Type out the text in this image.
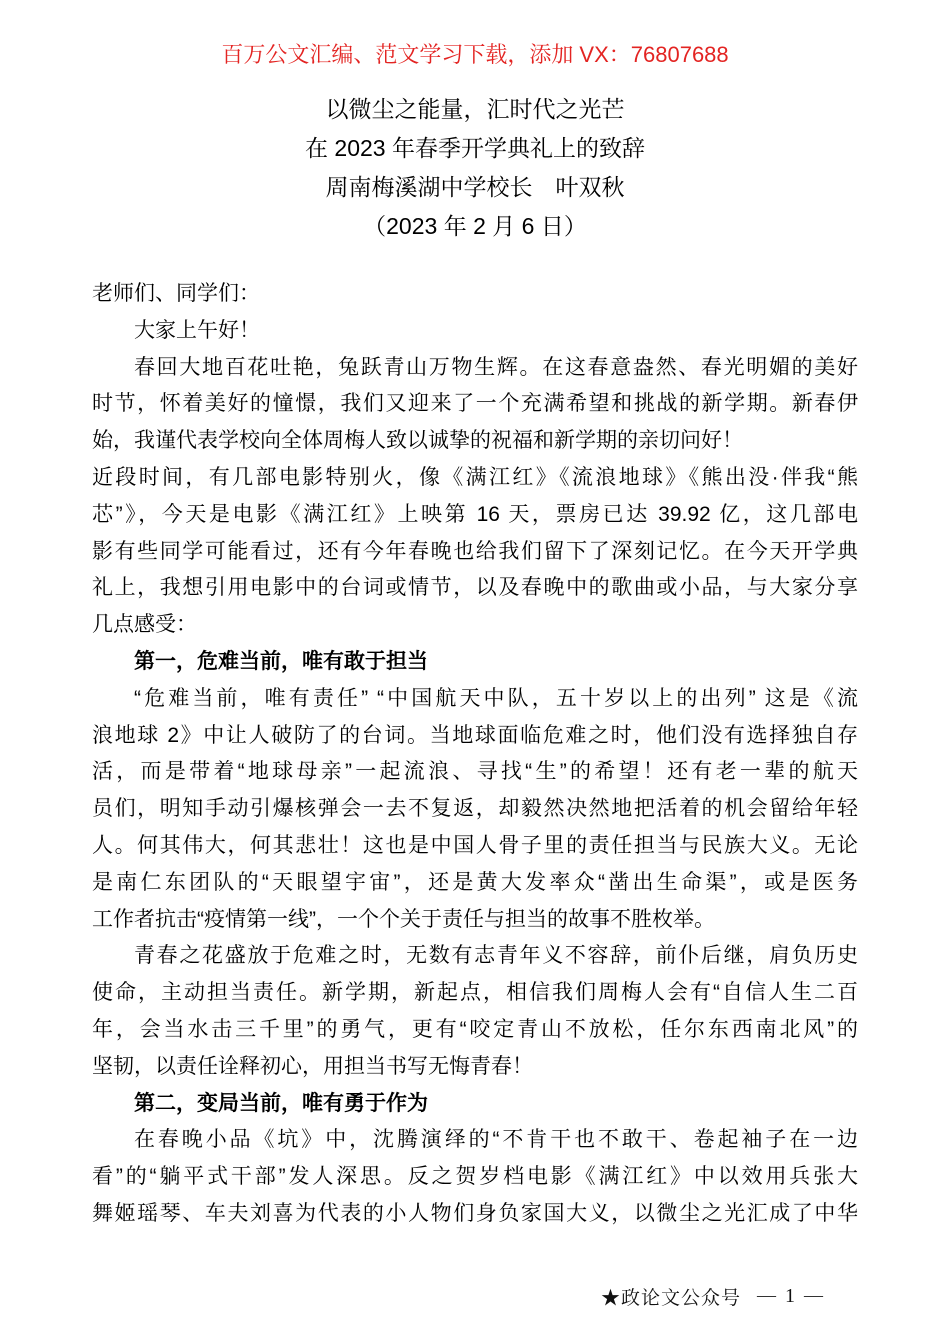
百万公文汇编、范文学习下载，添加 VX：76807688
以微尘之能量，汇时代之光芒
在 2023 年春季开学典礼上的致辞
周南梅溪湖中学校长　叶双秋
（2023 年 2 月 6 日）
老师们、同学们：
大家上午好！
春回大地百花吐艳，兔跃青山万物生辉。在这春意盎然、春光明媚的美好
时节，怀着美好的憧憬，我们又迎来了一个充满希望和挑战的新学期。新春伊
始，我谨代表学校向全体周梅人致以诚挚的祝福和新学期的亲切问好！
近段时间，有几部电影特别火，像《满江红》《流浪地球》《熊出没·伴我“熊
芯”》，今天是电影《满江红》上映第 16 天，票房已达 39.92 亿，这几部电
影有些同学可能看过，还有今年春晚也给我们留下了深刻记忆。在今天开学典
礼上，我想引用电影中的台词或情节，以及春晚中的歌曲或小品，与大家分享
几点感受：
第一，危难当前，唯有敢于担当
“危难当前，唯有责任” “中国航天中队，五十岁以上的出列” 这是《流
浪地球 2》中让人破防了的台词。当地球面临危难之时，他们没有选择独自存
活，而是带着“地球母亲”一起流浪、寻找“生”的希望！还有老一辈的航天
员们，明知手动引爆核弹会一去不复返，却毅然决然地把活着的机会留给年轻
人。何其伟大，何其悲壮！这也是中国人骨子里的责任担当与民族大义。无论
是南仁东团队的“天眼望宇宙”，还是黄大发率众“凿出生命渠”，或是医务
工作者抗击“疫情第一线”，一个个关于责任与担当的故事不胜枚举。
青春之花盛放于危难之时，无数有志青年义不容辞，前仆后继，肩负历史
使命，主动担当责任。新学期，新起点，相信我们周梅人会有“自信人生二百
年，会当水击三千里”的勇气，更有“咬定青山不放松，任尔东西南北风”的
坚韧，以责任诠释初心，用担当书写无悔青春！
第二，变局当前，唯有勇于作为
在春晚小品《坑》中，沈腾演绎的“不肯干也不敢干、卷起袖子在一边
看”的“躺平式干部”发人深思。反之贺岁档电影《满江红》中以效用兵张大
舞姬瑶琴、车夫刘喜为代表的小人物们身负家国大义，以微尘之光汇成了中华
★政论文公众号 — 1 —
